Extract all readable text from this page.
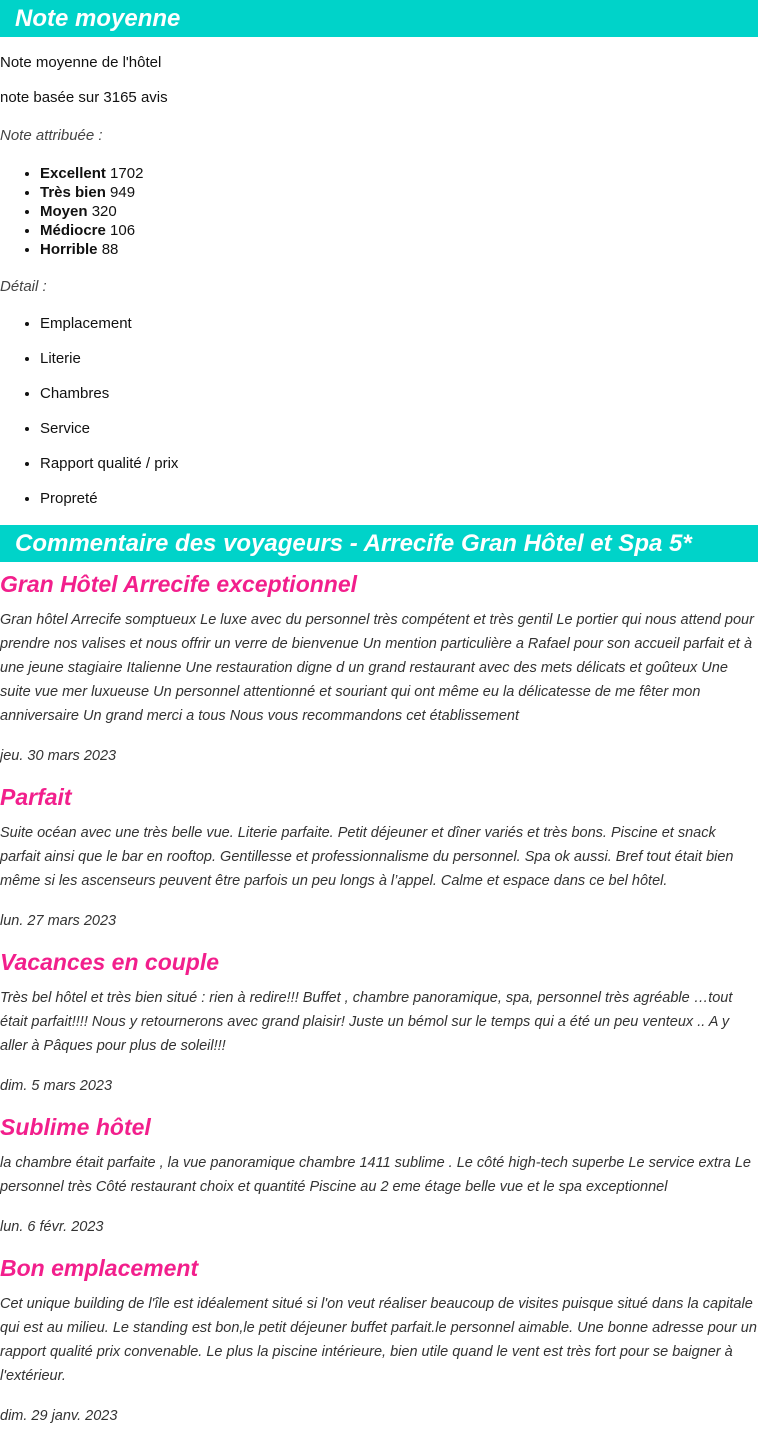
Note moyenne

Note moyenne de l'hôtel

note basée sur 3165 avis

Note attribuée :

• Excellent 1702
• Très bien 949
• Moyen 320
• Médiocre 106
• Horrible 88

Détail :

• Emplacement
• Literie
• Chambres
• Service
• Rapport qualité / prix
• Propreté
Commentaire des voyageurs - Arrecife Gran Hôtel et Spa 5*
Gran Hôtel Arrecife exceptionnel

Gran hôtel Arrecife somptueux Le luxe avec du personnel très compétent et très gentil Le portier qui nous attend pour prendre nos valises et nous offrir un verre de bienvenue Un mention particulière a Rafael pour son accueil parfait et à une jeune stagiaire Italienne Une restauration digne d un grand restaurant avec des mets délicats et goûteux Une suite vue mer luxueuse Un personnel attentionné et souriant qui ont même eu la délicatesse de me fêter mon anniversaire Un grand merci a tous Nous vous recommandons cet établissement

jeu. 30 mars 2023

Parfait

Suite océan avec une très belle vue. Literie parfaite. Petit déjeuner et dîner variés et très bons. Piscine et snack parfait ainsi que le bar en rooftop. Gentillesse et professionnalisme du personnel. Spa ok aussi. Bref tout était bien même si les ascenseurs peuvent être parfois un peu longs à l’appel. Calme et espace dans ce bel hôtel.

lun. 27 mars 2023

Vacances en couple

Très bel hôtel et très bien situé : rien à redire!!! Buffet , chambre panoramique, spa, personnel très agréable …tout était parfait!!!! Nous y retournerons avec grand plaisir! Juste un bémol sur le temps qui a été un peu venteux .. A y aller à Pâques pour plus de soleil!!!

dim. 5 mars 2023

Sublime hôtel

la chambre était parfaite , la vue panoramique chambre 1411 sublime . Le côté high-tech superbe Le service extra Le personnel très Côté restaurant choix et quantité Piscine au 2 eme étage belle vue et le spa exceptionnel

lun. 6 févr. 2023

Bon emplacement

Cet unique building de l'île est idéalement situé si l'on veut réaliser beaucoup de visites puisque situé dans la capitale qui est au milieu. Le standing est bon,le petit déjeuner buffet parfait.le personnel aimable. Une bonne adresse pour un rapport qualité prix convenable. Le plus la piscine intérieure, bien utile quand le vent est très fort pour se baigner à l'extérieur.

dim. 29 janv. 2023
